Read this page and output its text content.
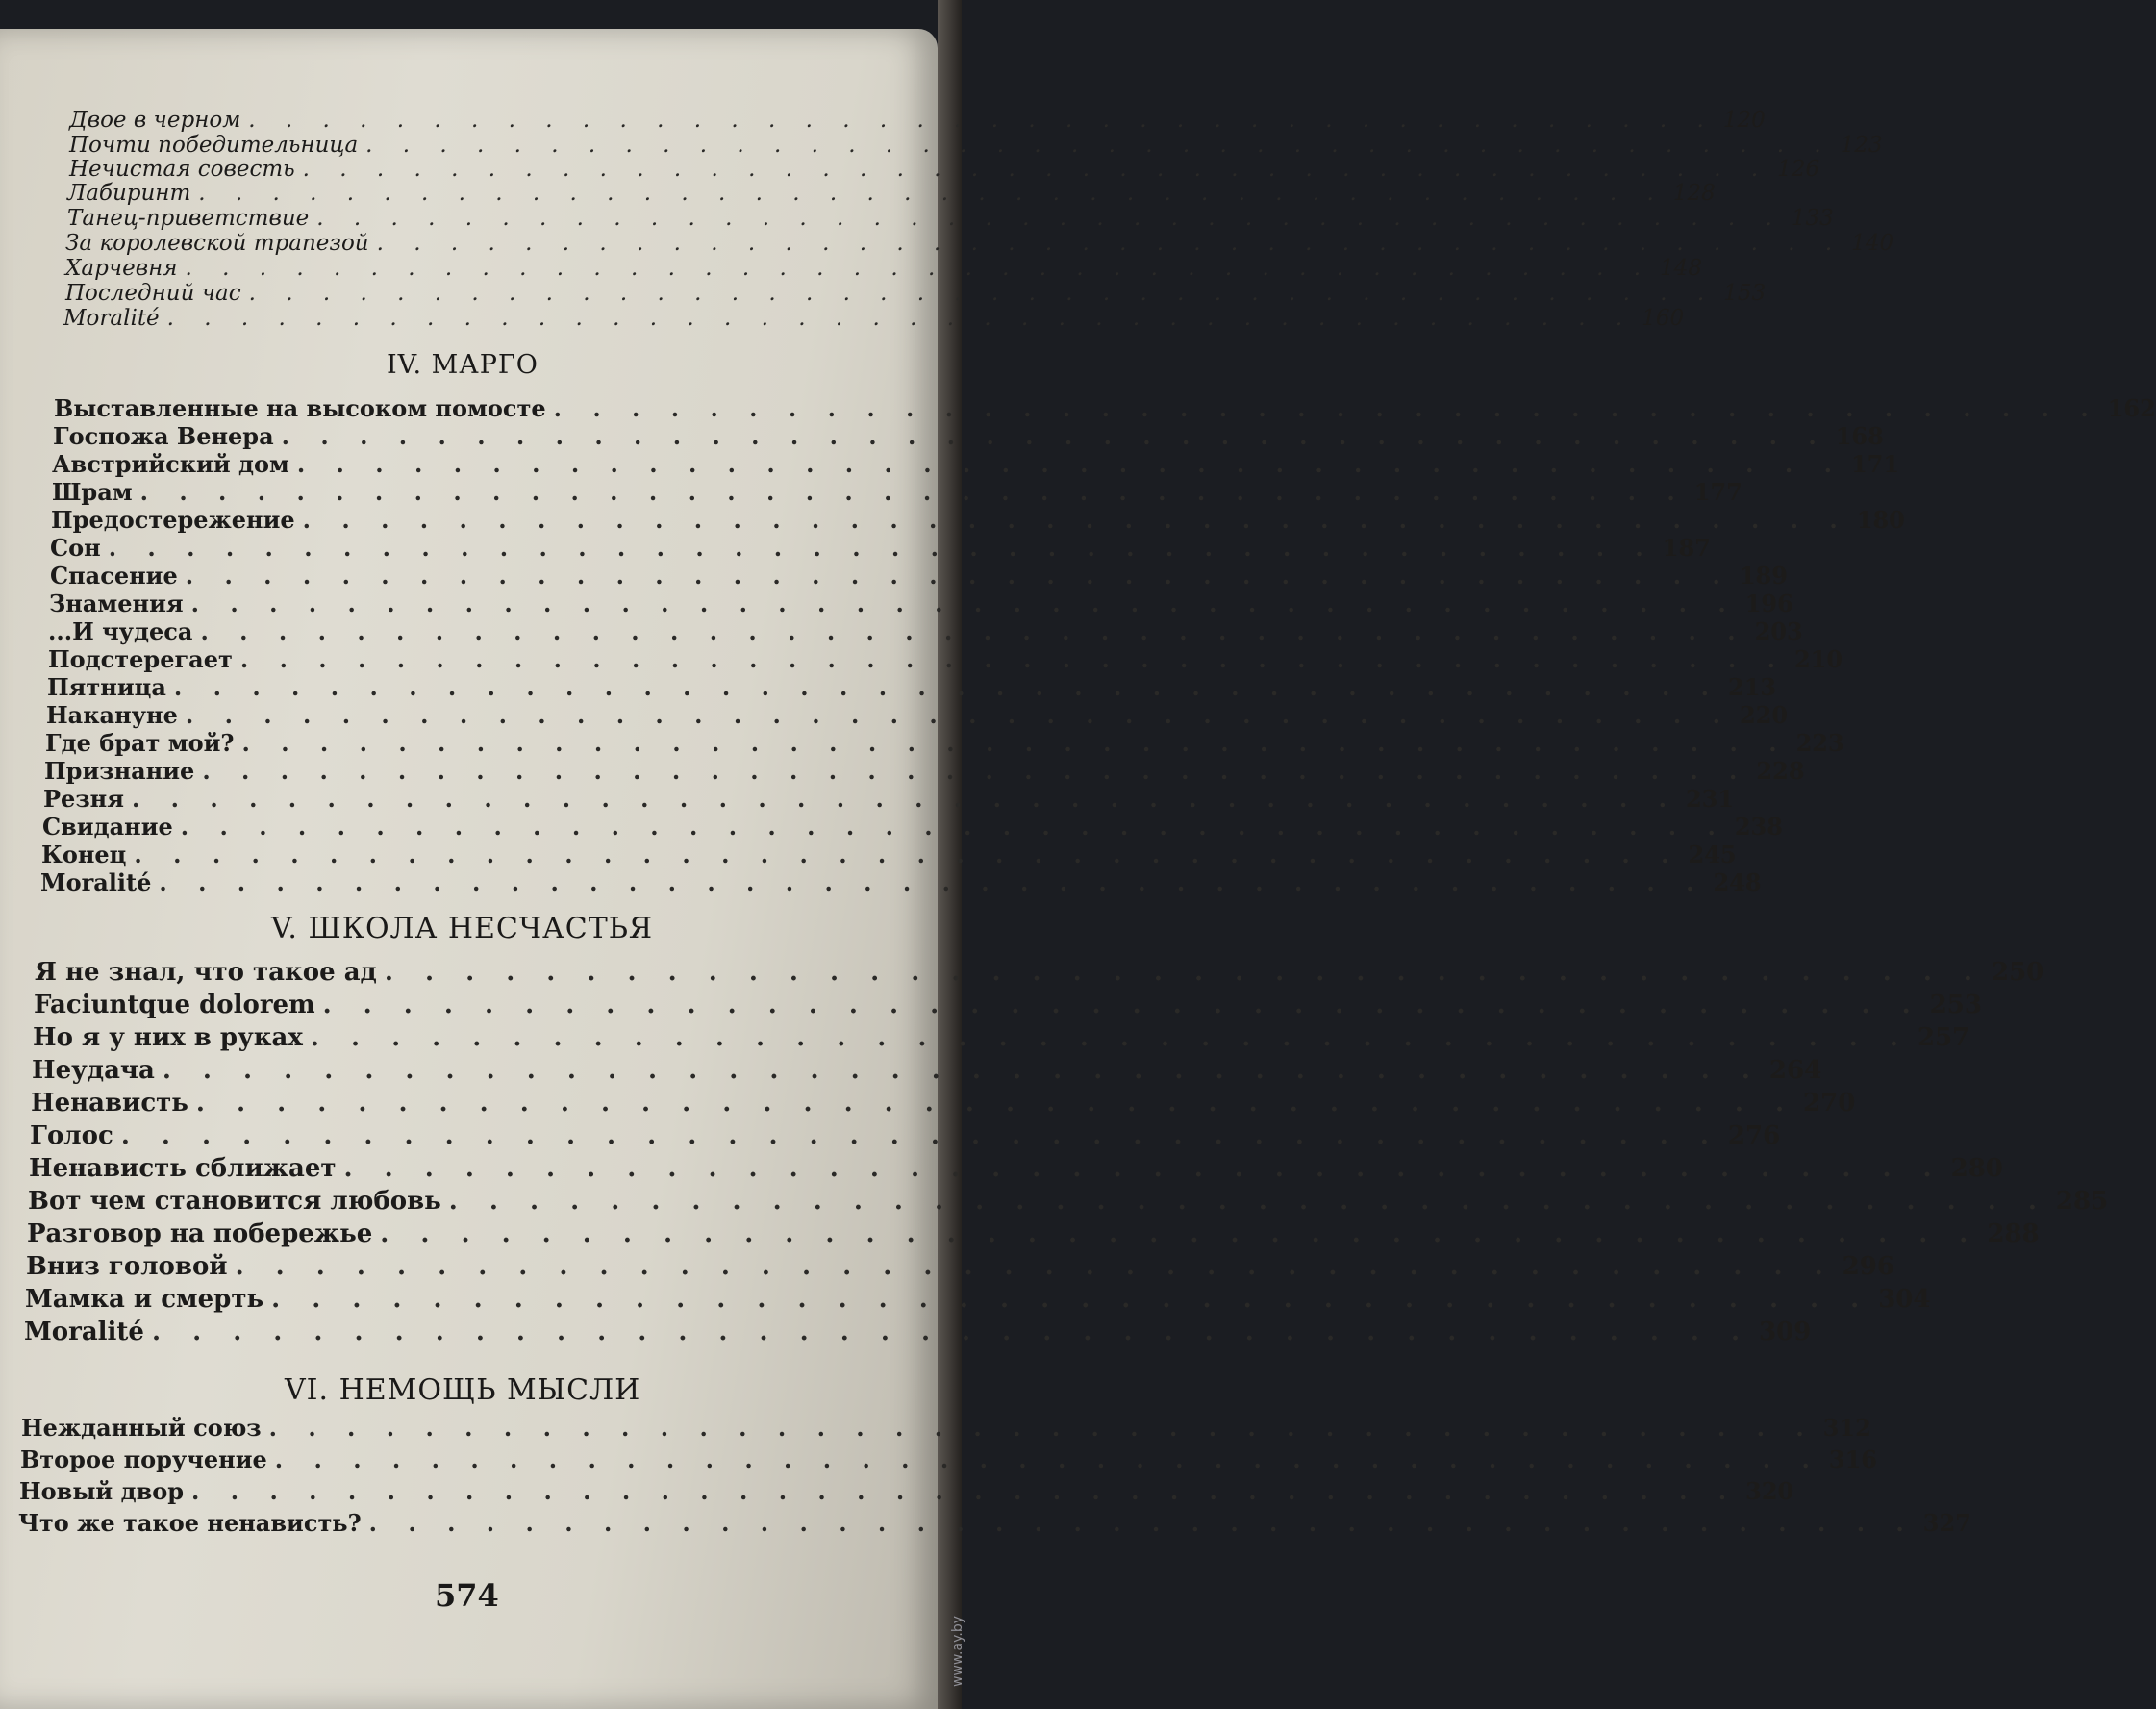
Двое в черном . . . . . . . . . . . . . . . . . . . . . . . . . . . . . . . . . . . . . . . . 120
Почти победительница . . . . . . . . . . . . . . . . . . . . . . . . . . . . . . . . . . . . . . . . 123
Нечистая совесть . . . . . . . . . . . . . . . . . . . . . . . . . . . . . . . . . . . . . . . . 126
Лабиринт . . . . . . . . . . . . . . . . . . . . . . . . . . . . . . . . . . . . . . . . 128
Танец-приветствие . . . . . . . . . . . . . . . . . . . . . . . . . . . . . . . . . . . . . . . . 133
За королевской трапезой . . . . . . . . . . . . . . . . . . . . . . . . . . . . . . . . . . . . . . . . 140
Харчевня . . . . . . . . . . . . . . . . . . . . . . . . . . . . . . . . . . . . . . . . 148
Последний час . . . . . . . . . . . . . . . . . . . . . . . . . . . . . . . . . . . . . . . . 153
Moralité . . . . . . . . . . . . . . . . . . . . . . . . . . . . . . . . . . . . . . . . 160
IV. МАРГО
Выставленные на высоком помосте . . . . . . . . . . . . . . . . . . . . . . . . . . . . . . . . . . . . . . . . 162
Госпожа Венера . . . . . . . . . . . . . . . . . . . . . . . . . . . . . . . . . . . . . . . . 168
Австрийский дом . . . . . . . . . . . . . . . . . . . . . . . . . . . . . . . . . . . . . . . . 171
Шрам . . . . . . . . . . . . . . . . . . . . . . . . . . . . . . . . . . . . . . . . 177
Предостережение . . . . . . . . . . . . . . . . . . . . . . . . . . . . . . . . . . . . . . . . 180
Сон . . . . . . . . . . . . . . . . . . . . . . . . . . . . . . . . . . . . . . . . 187
Спасение . . . . . . . . . . . . . . . . . . . . . . . . . . . . . . . . . . . . . . . . 189
Знамения . . . . . . . . . . . . . . . . . . . . . . . . . . . . . . . . . . . . . . . . 196
...И чудеса . . . . . . . . . . . . . . . . . . . . . . . . . . . . . . . . . . . . . . . . 203
Подстерегает . . . . . . . . . . . . . . . . . . . . . . . . . . . . . . . . . . . . . . . . 210
Пятница . . . . . . . . . . . . . . . . . . . . . . . . . . . . . . . . . . . . . . . . 213
Накануне . . . . . . . . . . . . . . . . . . . . . . . . . . . . . . . . . . . . . . . . 220
Где брат мой? . . . . . . . . . . . . . . . . . . . . . . . . . . . . . . . . . . . . . . . . 223
Признание . . . . . . . . . . . . . . . . . . . . . . . . . . . . . . . . . . . . . . . . 228
Резня . . . . . . . . . . . . . . . . . . . . . . . . . . . . . . . . . . . . . . . . 231
Свидание . . . . . . . . . . . . . . . . . . . . . . . . . . . . . . . . . . . . . . . . 238
Конец . . . . . . . . . . . . . . . . . . . . . . . . . . . . . . . . . . . . . . . . 245
Moralité . . . . . . . . . . . . . . . . . . . . . . . . . . . . . . . . . . . . . . . . 248
V. ШКОЛА НЕСЧАСТЬЯ
Я не знал, что такое ад . . . . . . . . . . . . . . . . . . . . . . . . . . . . . . . . . . . . . . . . 250
Faciuntque dolorem . . . . . . . . . . . . . . . . . . . . . . . . . . . . . . . . . . . . . . . . 253
Но я у них в руках . . . . . . . . . . . . . . . . . . . . . . . . . . . . . . . . . . . . . . . . 257
Неудача . . . . . . . . . . . . . . . . . . . . . . . . . . . . . . . . . . . . . . . . 264
Ненависть . . . . . . . . . . . . . . . . . . . . . . . . . . . . . . . . . . . . . . . . 270
Голос . . . . . . . . . . . . . . . . . . . . . . . . . . . . . . . . . . . . . . . . 276
Ненависть сближает . . . . . . . . . . . . . . . . . . . . . . . . . . . . . . . . . . . . . . . . 280
Вот чем становится любовь . . . . . . . . . . . . . . . . . . . . . . . . . . . . . . . . . . . . . . . . 285
Разговор на побережье . . . . . . . . . . . . . . . . . . . . . . . . . . . . . . . . . . . . . . . . 288
Вниз головой . . . . . . . . . . . . . . . . . . . . . . . . . . . . . . . . . . . . . . . . 296
Мамка и смерть . . . . . . . . . . . . . . . . . . . . . . . . . . . . . . . . . . . . . . . . 304
Moralité . . . . . . . . . . . . . . . . . . . . . . . . . . . . . . . . . . . . . . . . 309
VI. НЕМОЩЬ МЫСЛИ
Нежданный союз . . . . . . . . . . . . . . . . . . . . . . . . . . . . . . . . . . . . . . . . 312
Второе поручение . . . . . . . . . . . . . . . . . . . . . . . . . . . . . . . . . . . . . . . . 316
Новый двор . . . . . . . . . . . . . . . . . . . . . . . . . . . . . . . . . . . . . . . . 320
Что же такое ненависть? . . . . . . . . . . . . . . . . . . . . . . . . . . . . . . . . . . . . . . . . 327
574
www.ay.by
